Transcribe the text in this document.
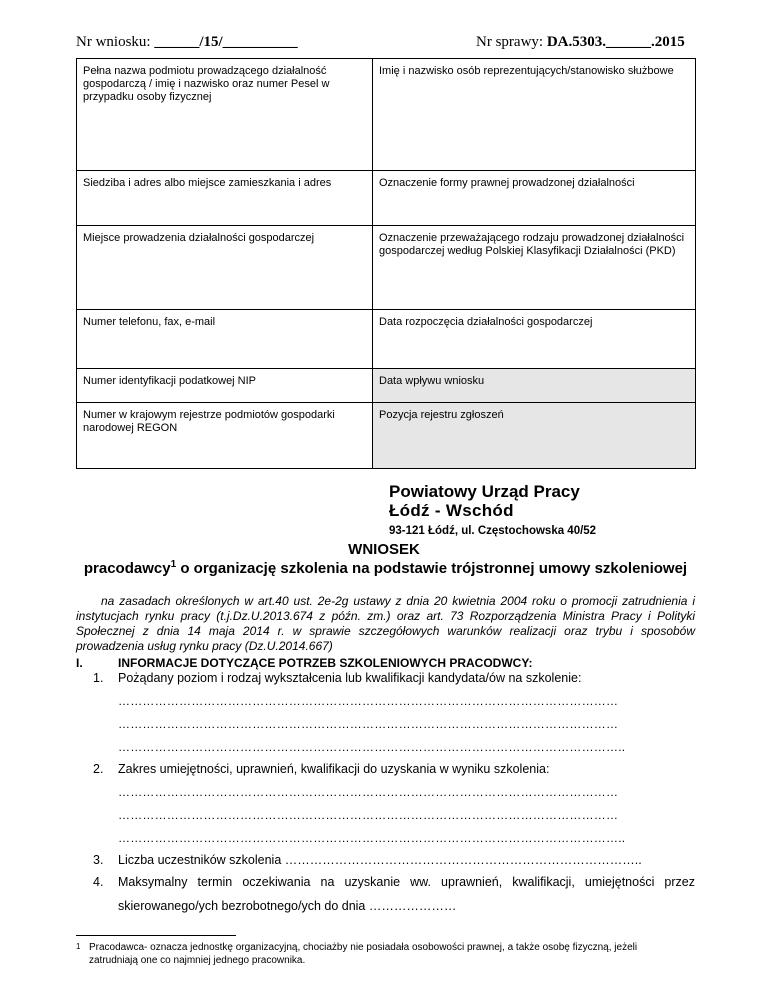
Nr wniosku: ______/15/__________	Nr sprawy: DA.5303.______.2015
Pełna nazwa podmiotu prowadzącego działalność gospodarczą / imię i nazwisko oraz numer Pesel w przypadku osoby fizycznej	Imię i nazwisko osób reprezentujących/stanowisko służbowe
Siedziba i adres albo miejsce zamieszkania i adres	Oznaczenie formy prawnej prowadzonej działalności
Miejsce prowadzenia działalności gospodarczej	Oznaczenie przeważającego rodzaju prowadzonej działalności gospodarczej według Polskiej Klasyfikacji Działalności (PKD)
Numer telefonu, fax, e-mail	Data rozpoczęcia działalności gospodarczej
Numer identyfikacji podatkowej NIP	Data wpływu wniosku
Numer w krajowym rejestrze podmiotów gospodarki narodowej REGON	Pozycja rejestru zgłoszeń
Powiatowy Urząd Pracy
Łódź - Wschód
93-121 Łódź, ul. Częstochowska 40/52
WNIOSEK
pracodawcy$^1$ o organizację szkolenia na podstawie trójstronnej umowy szkoleniowej
na zasadach określonych w art.40 ust. 2e-2g ustawy z dnia 20 kwietnia 2004 roku o promocji zatrudnienia i instytucjach rynku pracy (t.j.Dz.U.2013.674 z późn. zm.) oraz art. 73 Rozporządzenia Ministra Pracy i Polityki Społecznej z dnia 14 maja 2014 r. w sprawie szczegółowych warunków realizacji oraz trybu i sposobów prowadzenia usług rynku pracy (Dz.U.2014.667)
I.	INFORMACJE DOTYCZĄCE POTRZEB SZKOLENIOWYCH PRACODWCY:
1. Pożądany poziom i rodzaj wykształcenia lub kwalifikacji kandydata/ów na szkolenie:
……………………………………………………………………………………………………………
……………………………………………………………………………………………………………
……………………………………………………………………………………………………………..
2. Zakres umiejętności, uprawnień, kwalifikacji do uzyskania w wyniku szkolenia:
……………………………………………………………………………………………………………
……………………………………………………………………………………………………………
……………………………………………………………………………………………………………..
3. Liczba uczestników szkolenia …………………………………………………………………………..
1 Pracodawca- oznacza jednostkę organizacyjną, chociażby nie posiadała osobowości prawnej, a także osobę fizyczną, jeżeli zatrudniają one co najmniej jednego pracownika.
4. Maksymalny termin oczekiwania na uzyskanie ww. uprawnień, kwalifikacji, umiejętności przez
skierowanego/ych bezrobotnego/ych do dnia …………………
